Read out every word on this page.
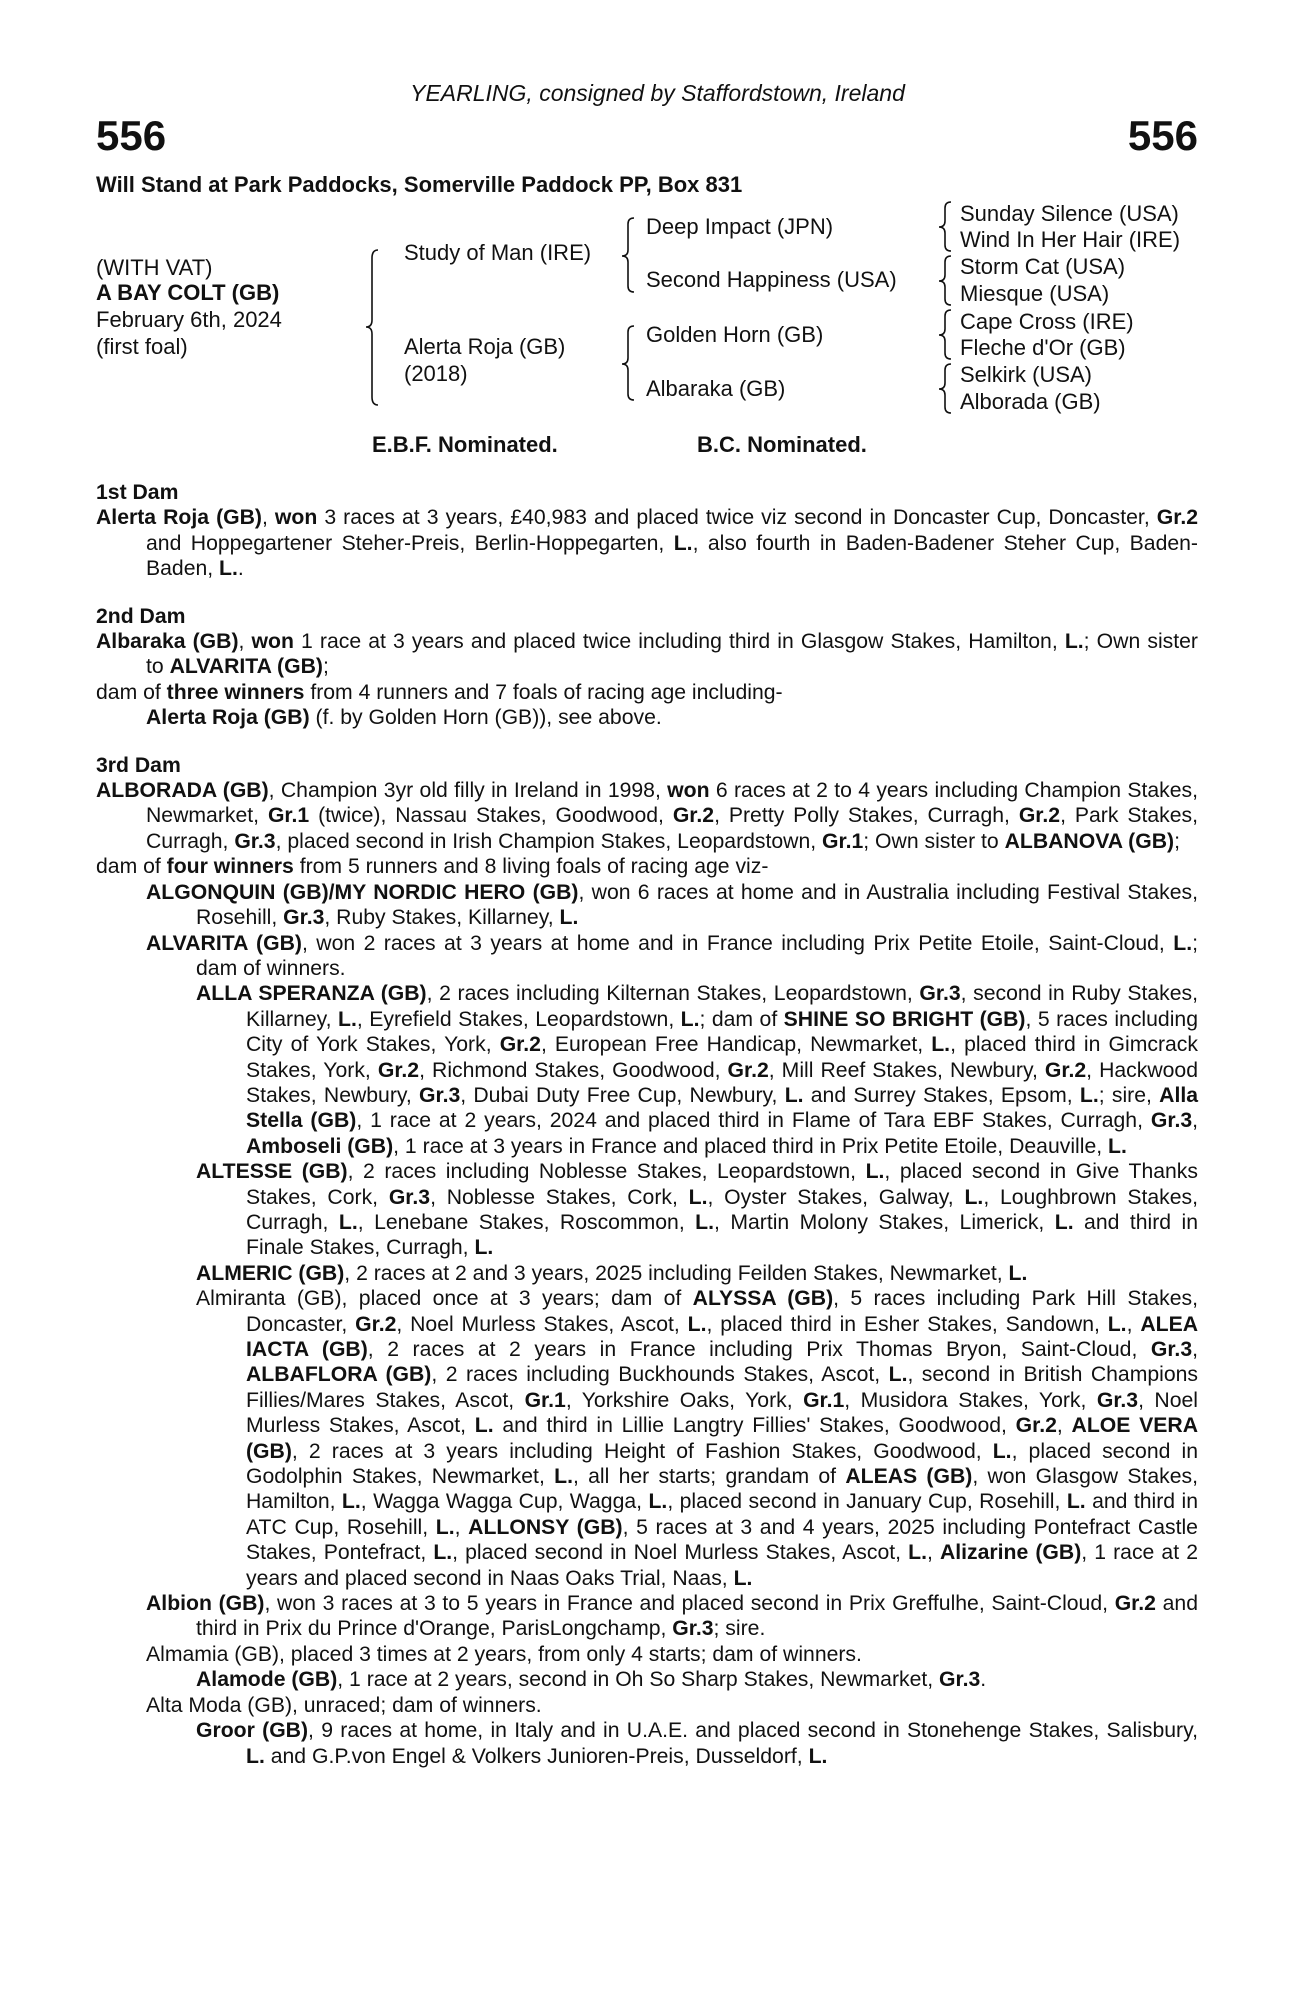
YEARLING, consigned by Staffordstown, Ireland
556	556
Will Stand at Park Paddocks, Somerville Paddock PP, Box 831
(WITH VAT)
A BAY COLT (GB)
February 6th, 2024
(first foal)
Study of Man (IRE)
Alerta Roja (GB)
(2018)
Deep Impact (JPN)
Second Happiness (USA)
Golden Horn (GB)
Albaraka (GB)
Sunday Silence (USA)
Wind In Her Hair (IRE)
Storm Cat (USA)
Miesque (USA)
Cape Cross (IRE)
Fleche d'Or (GB)
Selkirk (USA)
Alborada (GB)
E.B.F. Nominated.	B.C. Nominated.
1st Dam
Alerta Roja (GB), won 3 races at 3 years, £40,983 and placed twice viz second in Doncaster Cup, Doncaster, Gr.2 and Hoppegartener Steher-Preis, Berlin-Hoppegarten, L., also fourth in Baden-Badener Steher Cup, Baden-Baden, L..
2nd Dam
Albaraka (GB), won 1 race at 3 years and placed twice including third in Glasgow Stakes, Hamilton, L.; Own sister to ALVARITA (GB);
dam of three winners from 4 runners and 7 foals of racing age including-
Alerta Roja (GB) (f. by Golden Horn (GB)), see above.
3rd Dam
ALBORADA (GB), Champion 3yr old filly in Ireland in 1998, won 6 races at 2 to 4 years including Champion Stakes, Newmarket, Gr.1 (twice), Nassau Stakes, Goodwood, Gr.2, Pretty Polly Stakes, Curragh, Gr.2, Park Stakes, Curragh, Gr.3, placed second in Irish Champion Stakes, Leopardstown, Gr.1; Own sister to ALBANOVA (GB);
dam of four winners from 5 runners and 8 living foals of racing age viz-
ALGONQUIN (GB)/MY NORDIC HERO (GB), won 6 races at home and in Australia including Festival Stakes, Rosehill, Gr.3, Ruby Stakes, Killarney, L.
ALVARITA (GB), won 2 races at 3 years at home and in France including Prix Petite Etoile, Saint-Cloud, L.; dam of winners.
ALLA SPERANZA (GB), 2 races including Kilternan Stakes, Leopardstown, Gr.3, second in Ruby Stakes, Killarney, L., Eyrefield Stakes, Leopardstown, L.; dam of SHINE SO BRIGHT (GB), 5 races including City of York Stakes, York, Gr.2, European Free Handicap, Newmarket, L., placed third in Gimcrack Stakes, York, Gr.2, Richmond Stakes, Goodwood, Gr.2, Mill Reef Stakes, Newbury, Gr.2, Hackwood Stakes, Newbury, Gr.3, Dubai Duty Free Cup, Newbury, L. and Surrey Stakes, Epsom, L.; sire, Alla Stella (GB), 1 race at 2 years, 2024 and placed third in Flame of Tara EBF Stakes, Curragh, Gr.3, Amboseli (GB), 1 race at 3 years in France and placed third in Prix Petite Etoile, Deauville, L.
ALTESSE (GB), 2 races including Noblesse Stakes, Leopardstown, L., placed second in Give Thanks Stakes, Cork, Gr.3, Noblesse Stakes, Cork, L., Oyster Stakes, Galway, L., Loughbrown Stakes, Curragh, L., Lenebane Stakes, Roscommon, L., Martin Molony Stakes, Limerick, L. and third in Finale Stakes, Curragh, L.
ALMERIC (GB), 2 races at 2 and 3 years, 2025 including Feilden Stakes, Newmarket, L.
Almiranta (GB), placed once at 3 years; dam of ALYSSA (GB), 5 races including Park Hill Stakes, Doncaster, Gr.2, Noel Murless Stakes, Ascot, L., placed third in Esher Stakes, Sandown, L., ALEA IACTA (GB), 2 races at 2 years in France including Prix Thomas Bryon, Saint-Cloud, Gr.3, ALBAFLORA (GB), 2 races including Buckhounds Stakes, Ascot, L., second in British Champions Fillies/Mares Stakes, Ascot, Gr.1, Yorkshire Oaks, York, Gr.1, Musidora Stakes, York, Gr.3, Noel Murless Stakes, Ascot, L. and third in Lillie Langtry Fillies' Stakes, Goodwood, Gr.2, ALOE VERA (GB), 2 races at 3 years including Height of Fashion Stakes, Goodwood, L., placed second in Godolphin Stakes, Newmarket, L., all her starts; grandam of ALEAS (GB), won Glasgow Stakes, Hamilton, L., Wagga Wagga Cup, Wagga, L., placed second in January Cup, Rosehill, L. and third in ATC Cup, Rosehill, L., ALLONSY (GB), 5 races at 3 and 4 years, 2025 including Pontefract Castle Stakes, Pontefract, L., placed second in Noel Murless Stakes, Ascot, L., Alizarine (GB), 1 race at 2 years and placed second in Naas Oaks Trial, Naas, L.
Albion (GB), won 3 races at 3 to 5 years in France and placed second in Prix Greffulhe, Saint-Cloud, Gr.2 and third in Prix du Prince d'Orange, ParisLongchamp, Gr.3; sire.
Almamia (GB), placed 3 times at 2 years, from only 4 starts; dam of winners.
Alamode (GB), 1 race at 2 years, second in Oh So Sharp Stakes, Newmarket, Gr.3.
Alta Moda (GB), unraced; dam of winners.
Groor (GB), 9 races at home, in Italy and in U.A.E. and placed second in Stonehenge Stakes, Salisbury, L. and G.P.von Engel & Volkers Junioren-Preis, Dusseldorf, L.
